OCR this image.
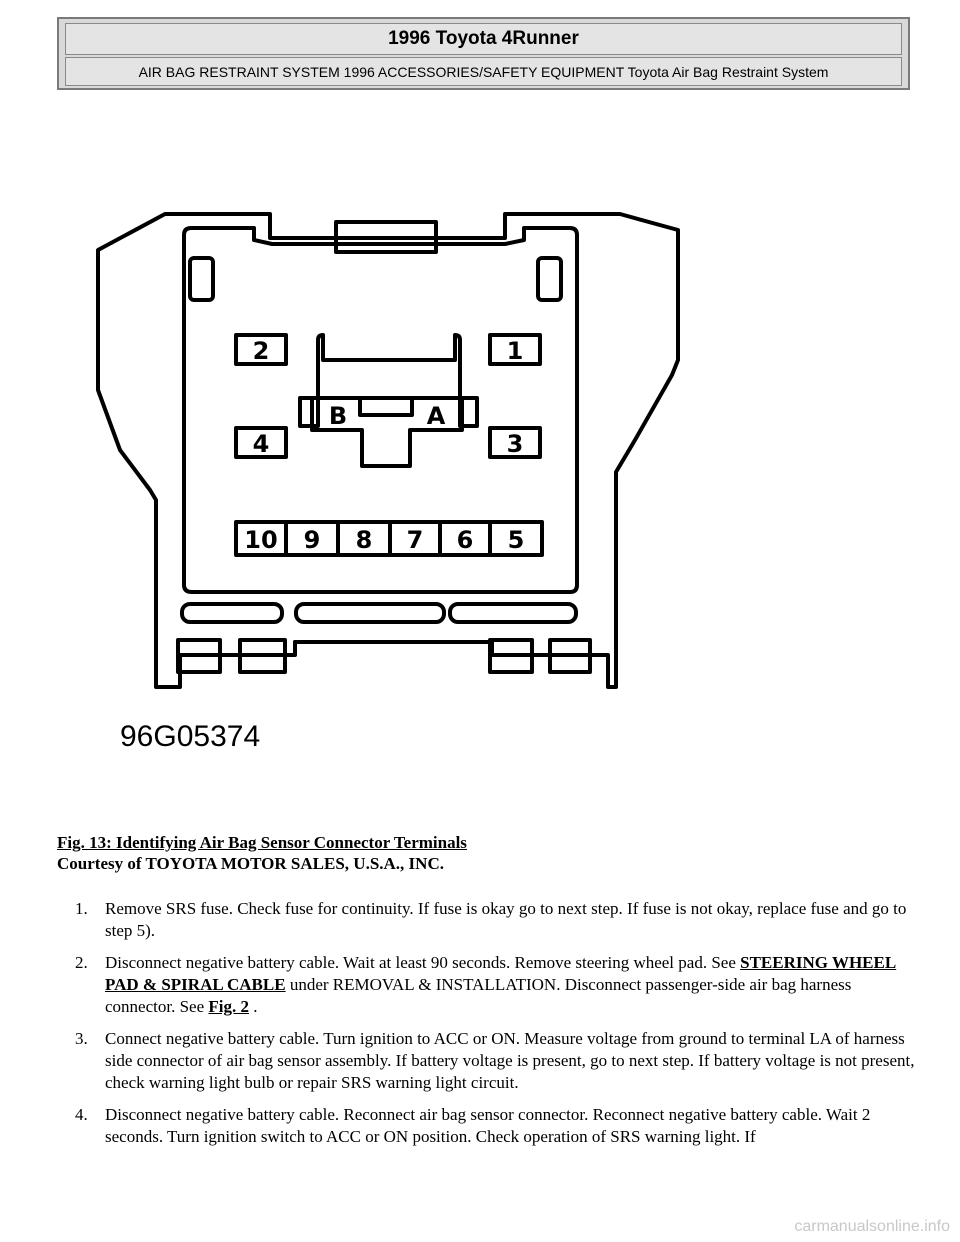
1996 Toyota 4Runner
AIR BAG RESTRAINT SYSTEM 1996 ACCESSORIES/SAFETY EQUIPMENT Toyota Air Bag Restraint System
2	1
4	3
B	A
10 9 8 7 6 5
96G05374
Fig. 13: Identifying Air Bag Sensor Connector Terminals
Courtesy of TOYOTA MOTOR SALES, U.S.A., INC.
1. Remove SRS fuse. Check fuse for continuity. If fuse is okay go to next step. If fuse is not okay, replace fuse and go to step 5).
2. Disconnect negative battery cable. Wait at least 90 seconds. Remove steering wheel pad. See STEERING WHEEL PAD & SPIRAL CABLE under REMOVAL & INSTALLATION. Disconnect passenger-side air bag harness connector. See Fig. 2 .
3. Connect negative battery cable. Turn ignition to ACC or ON. Measure voltage from ground to terminal LA of harness side connector of air bag sensor assembly. If battery voltage is present, go to next step. If battery voltage is not present, check warning light bulb or repair SRS warning light circuit.
4. Disconnect negative battery cable. Reconnect air bag sensor connector. Reconnect negative battery cable. Wait 2 seconds. Turn ignition switch to ACC or ON position. Check operation of SRS warning light. If
carmanualsonline.info
